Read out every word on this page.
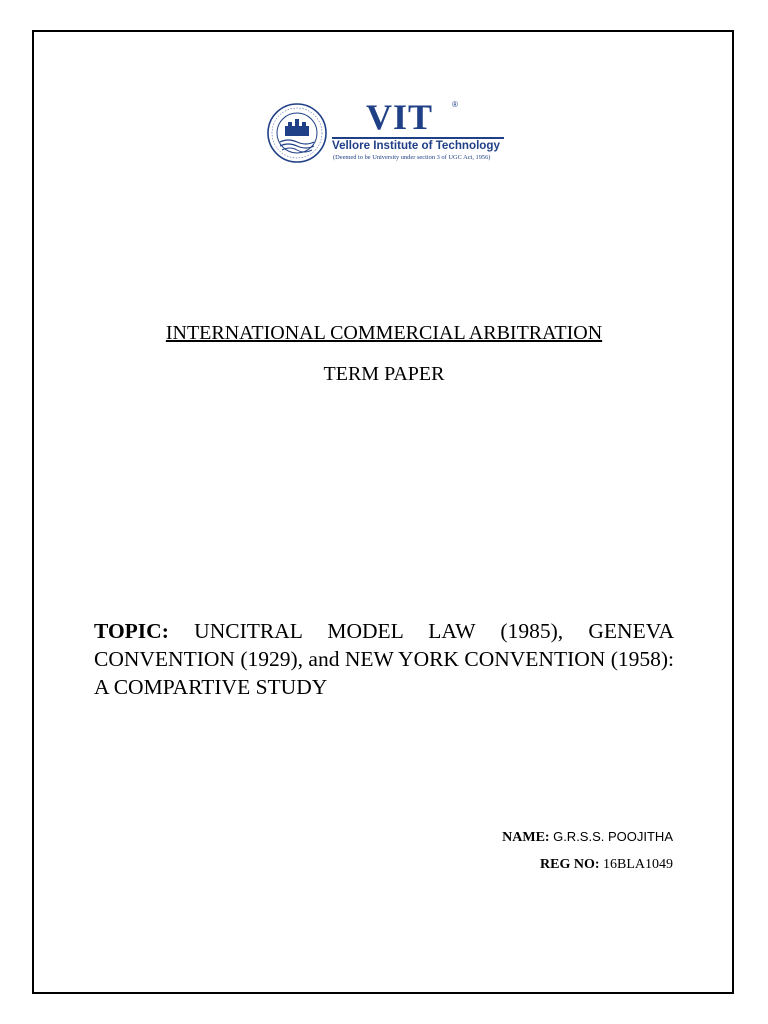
VIT ®
Vellore Institute of Technology
(Deemed to be University under section 3 of UGC Act, 1956)
INTERNATIONAL COMMERCIAL ARBITRATION
TERM PAPER
TOPIC: UNCITRAL MODEL LAW (1985), GENEVA CONVENTION (1929), and NEW YORK CONVENTION (1958): A COMPARTIVE STUDY
NAME: G.R.S.S. POOJITHA
REG NO: 16BLA1049
